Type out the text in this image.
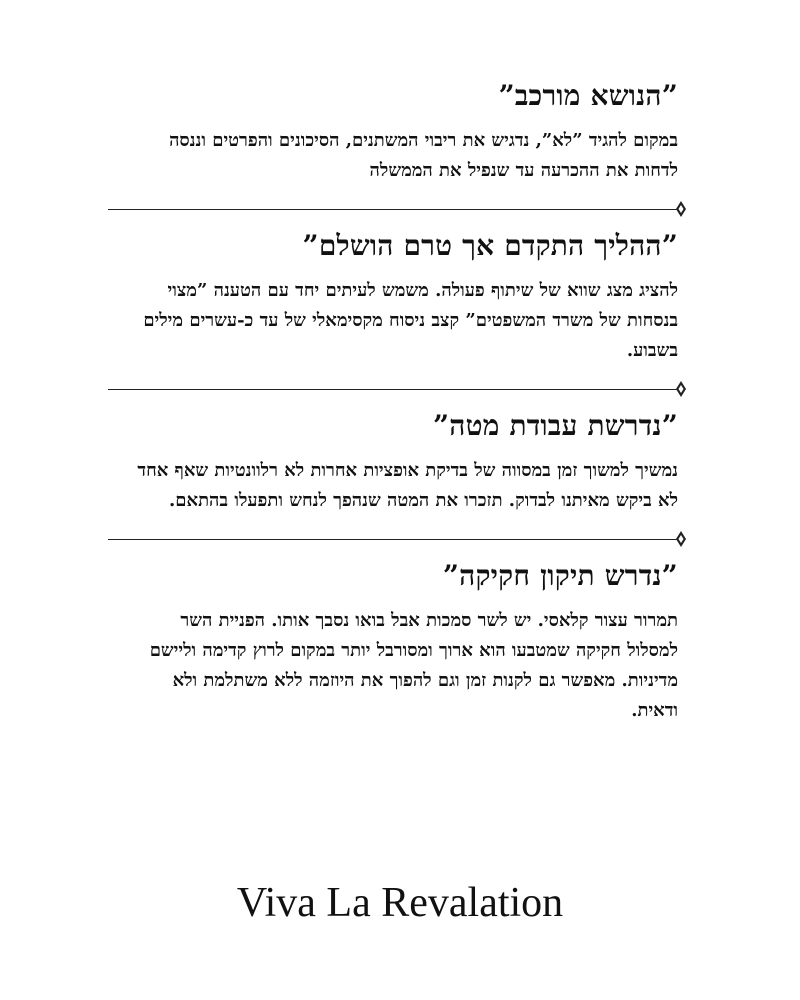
”הנושא מורכב”

במקום להגיד ”לא”, נדגיש את ריבוי המשתנים, הסיכונים והפרטים וננסה לדחות את ההכרעה עד שנפיל את הממשלה

”ההליך התקדם אך טרם הושלם”

להציג מצג שווא של שיתוף פעולה. משמש לעיתים יחד עם הטענה ”מצוי בנסחות של משרד המשפטים” קצב ניסוח מקסימאלי של עד כ-עשרים מילים בשבוע.

”נדרשת עבודת מטה”

נמשיך למשוך זמן במסווה של בדיקת אופציות אחרות לא רלוונטיות שאף אחד לא ביקש מאיתנו לבדוק. תזכרו את המטה שנהפך לנחש ותפעלו בהתאם.

”נדרש תיקון חקיקה”

תמרור עצור קלאסי. יש לשר סמכות אבל בואו נסבך אותו. הפניית השר למסלול חקיקה שמטבעו הוא ארוך ומסורבל יותר במקום לרוץ קדימה וליישם מדיניות. מאפשר גם לקנות זמן וגם להפוך את היוזמה ללא משתלמת ולא ודאית.

Viva La Revalation
